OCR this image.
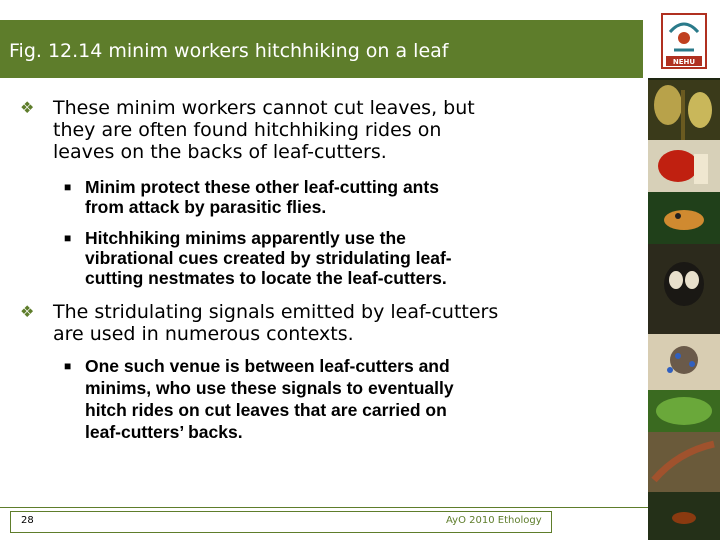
Fig. 12.14 minim workers hitchhiking on a leaf	NEHU
❖ These minim workers cannot cut leaves, but
they are often found hitchhiking rides on
leaves on the backs of leaf-cutters.
■ Minim protect these other leaf-cutting ants
from attack by parasitic flies.
■ Hitchhiking minims apparently use the
vibrational cues created by stridulating leaf-
cutting nestmates to locate the leaf-cutters.
❖ The stridulating signals emitted by leaf-cutters
are used in numerous contexts.
■ One such venue is between leaf-cutters and
minims, who use these signals to eventually
hitch rides on cut leaves that are carried on
leaf-cutters’ backs.
28	AyO 2010 Ethology
